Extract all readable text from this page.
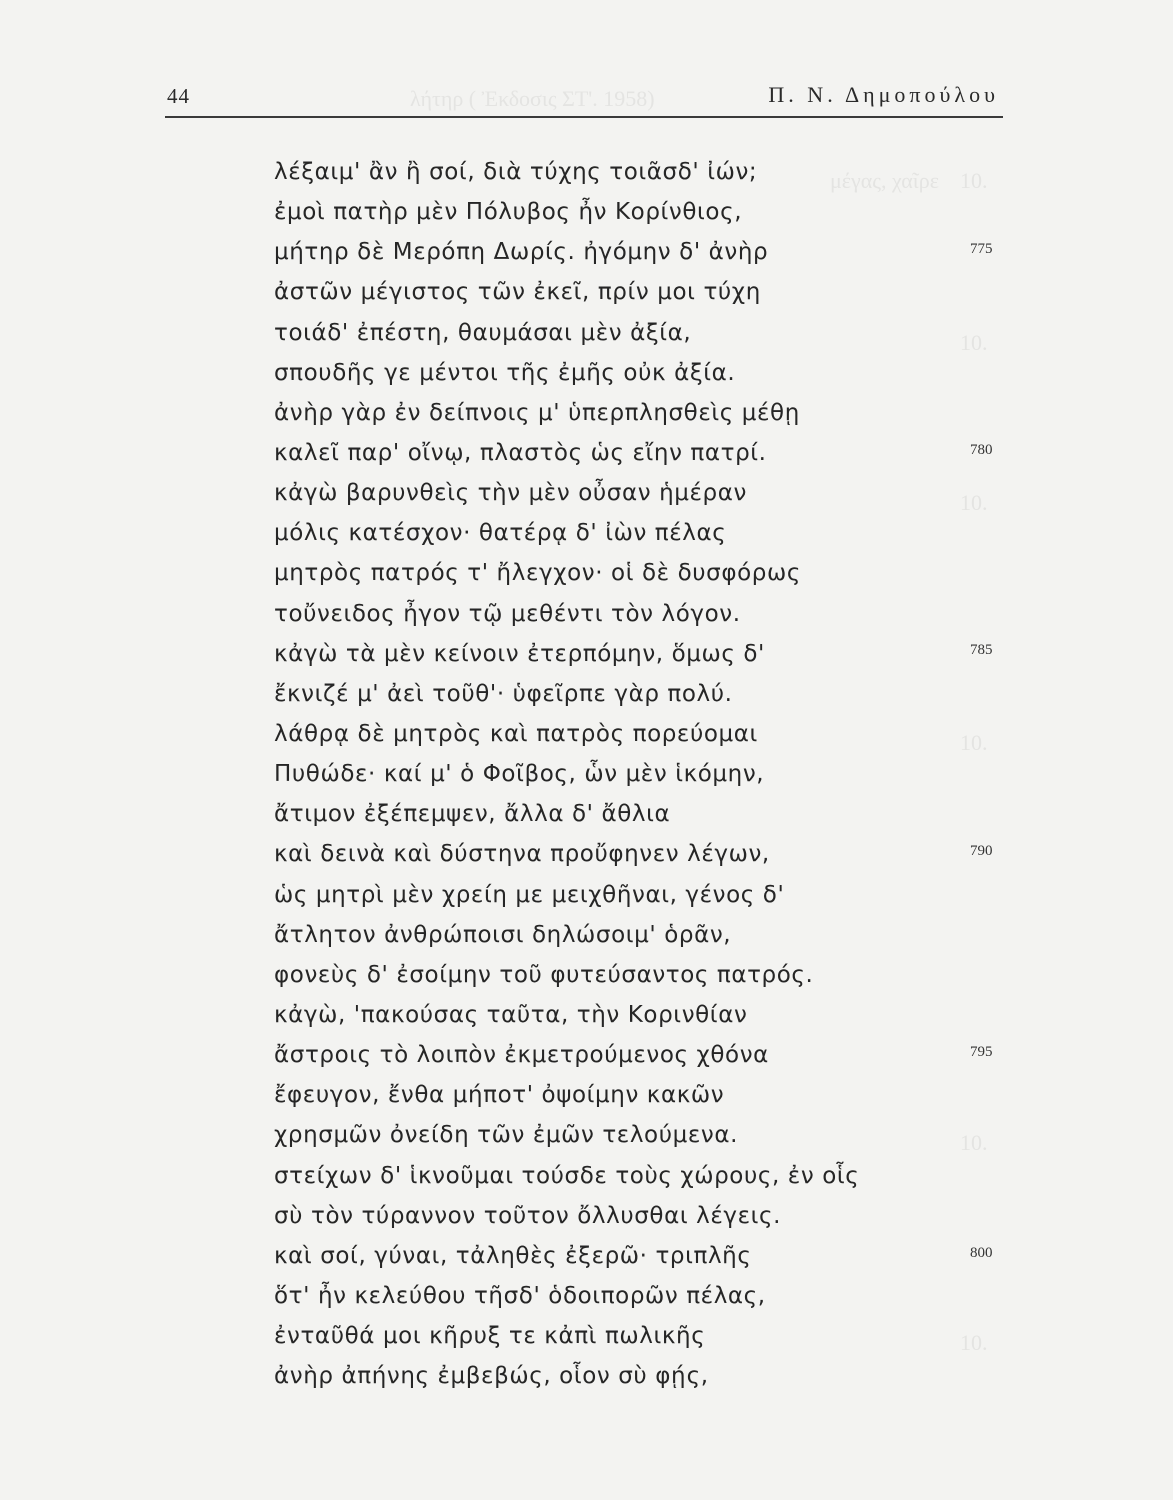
λήτηρ ( Ἐκδοσις ΣΤ'. 1958)
μέγας, χαῖρε 10.
10.
10.
10.
10.
10.
44	Π. Ν. Δημοπούλου
λέξαιμ' ἂν ἢ σοί, διὰ τύχης τοιᾶσδ' ἰών;
ἐμοὶ πατὴρ μὲν Πόλυβος ἦν Κορίνθιος,
μήτηρ δὲ Μερόπη Δωρίς. ἠγόμην δ' ἀνὴρ
ἀστῶν μέγιστος τῶν ἐκεῖ, πρίν μοι τύχη
τοιάδ' ἐπέστη, θαυμάσαι μὲν ἀξία,
σπουδῆς γε μέντοι τῆς ἐμῆς οὐκ ἀξία.
ἀνὴρ γὰρ ἐν δείπνοις μ' ὑπερπλησθεὶς μέθῃ
καλεῖ παρ' οἴνῳ, πλαστὸς ὡς εἴην πατρί.
κἀγὼ βαρυνθεὶς τὴν μὲν οὖσαν ἡμέραν
μόλις κατέσχον· θατέρᾳ δ' ἰὼν πέλας
μητρὸς πατρός τ' ἤλεγχον· οἱ δὲ δυσφόρως
τοὔνειδος ἦγον τῷ μεθέντι τὸν λόγον.
κἀγὼ τὰ μὲν κείνοιν ἐτερπόμην, ὅμως δ'
ἔκνιζέ μ' ἀεὶ τοῦθ'· ὑφεῖρπε γὰρ πολύ.
λάθρᾳ δὲ μητρὸς καὶ πατρὸς πορεύομαι
Πυθώδε· καί μ' ὁ Φοῖβος, ὧν μὲν ἱκόμην,
ἄτιμον ἐξέπεμψεν, ἄλλα δ' ἄθλια
καὶ δεινὰ καὶ δύστηνα προὔφηνεν λέγων,
ὡς μητρὶ μὲν χρείη με μειχθῆναι, γένος δ'
ἄτλητον ἀνθρώποισι δηλώσοιμ' ὁρᾶν,
φονεὺς δ' ἐσοίμην τοῦ φυτεύσαντος πατρός.
κἀγὼ, 'πακούσας ταῦτα, τὴν Κορινθίαν
ἄστροις τὸ λοιπὸν ἐκμετρούμενος χθόνα
ἔφευγον, ἔνθα μήποτ' ὀψοίμην κακῶν
χρησμῶν ὀνείδη τῶν ἐμῶν τελούμενα.
στείχων δ' ἱκνοῦμαι τούσδε τοὺς χώρους, ἐν οἷς
σὺ τὸν τύραννον τοῦτον ὄλλυσθαι λέγεις.
καὶ σοί, γύναι, τἀληθὲς ἐξερῶ· τριπλῆς
ὅτ' ἦν κελεύθου τῆσδ' ὁδοιπορῶν πέλας,
ἐνταῦθά μοι κῆρυξ τε κἀπὶ πωλικῆς
ἀνὴρ ἀπήνης ἐμβεβώς, οἷον σὺ φῄς,
775
780
785
790
795
800
